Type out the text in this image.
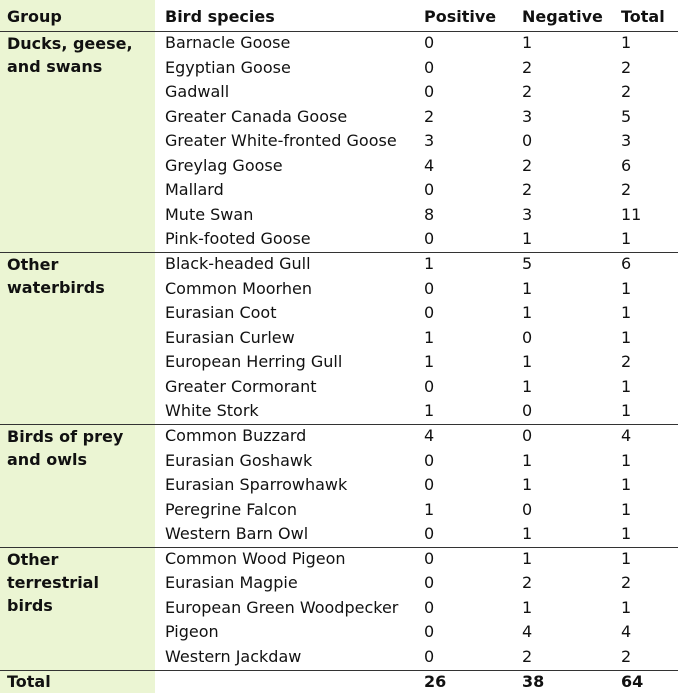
Group	Bird species	Positive Negative Total
Ducks, geese, and swans
Barnacle Goose	0	1	1
Egyptian Goose	0	2	2
Gadwall	0	2	2
Greater Canada Goose	2	3	5
Greater White-fronted Goose 3	0	3
Greylag Goose	4	2	6
Mallard	0	2	2
Mute Swan	8	3	11
Pink-footed Goose	0	1	1
Other waterbirds
Black-headed Gull	1	5	6
Common Moorhen	0	1	1
Eurasian Coot	0	1	1
Eurasian Curlew	1	0	1
European Herring Gull	1	1	2
Greater Cormorant	0	1	1
White Stork	1	0	1
Birds of prey and owls
Common Buzzard	4	0	4
Eurasian Goshawk	0	1	1
Eurasian Sparrowhawk	0	1	1
Peregrine Falcon	1	0	1
Western Barn Owl	0	1	1
Other terrestrial birds
Common Wood Pigeon	0	1	1
Eurasian Magpie	0	2	2
European Green Woodpecker 0	1	1
Pigeon	0	4	4
Western Jackdaw	0	2	2
Total	26	38	64
